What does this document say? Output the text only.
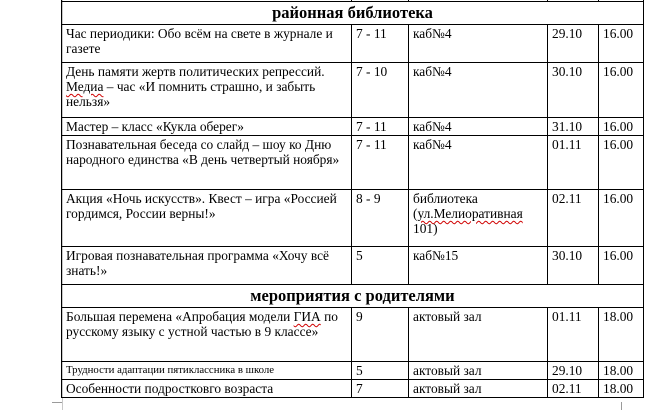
районная библиотека				
Час периодики: Обо всём на свете в журнале и газете	7 - 11	каб№4	29.10	16.00
День памяти жертв политических репрессий. Медиа – час «И помнить страшно, и забыть нельзя»	7 - 10	каб№4	30.10	16.00
Мастер – класс «Кукла оберег»	7 - 11	каб№4	31.10	16.00
Познавательная беседа со слайд – шоу ко Дню народного единства «В день четвертый ноября»	7 - 11	каб№4	01.11	16.00
Акция «Ночь искусств». Квест – игра «Россией гордимся, России верны!»	8 - 9	библиотека (ул.Мелиоративная 101)	02.11	16.00
Игровая познавательная программа «Хочу всё знать!»	5	каб№15	30.10	16.00
мероприятия с родителями				
Большая перемена «Апробация модели ГИА по русскому языку с устной частью в 9 классе»	9	актовый зал	01.11	18.00
Трудности адаптации пятиклассника в школе	5	актовый зал	29.10	18.00
Особенности подростковго возраста	7	актовый зал	02.11	18.00
